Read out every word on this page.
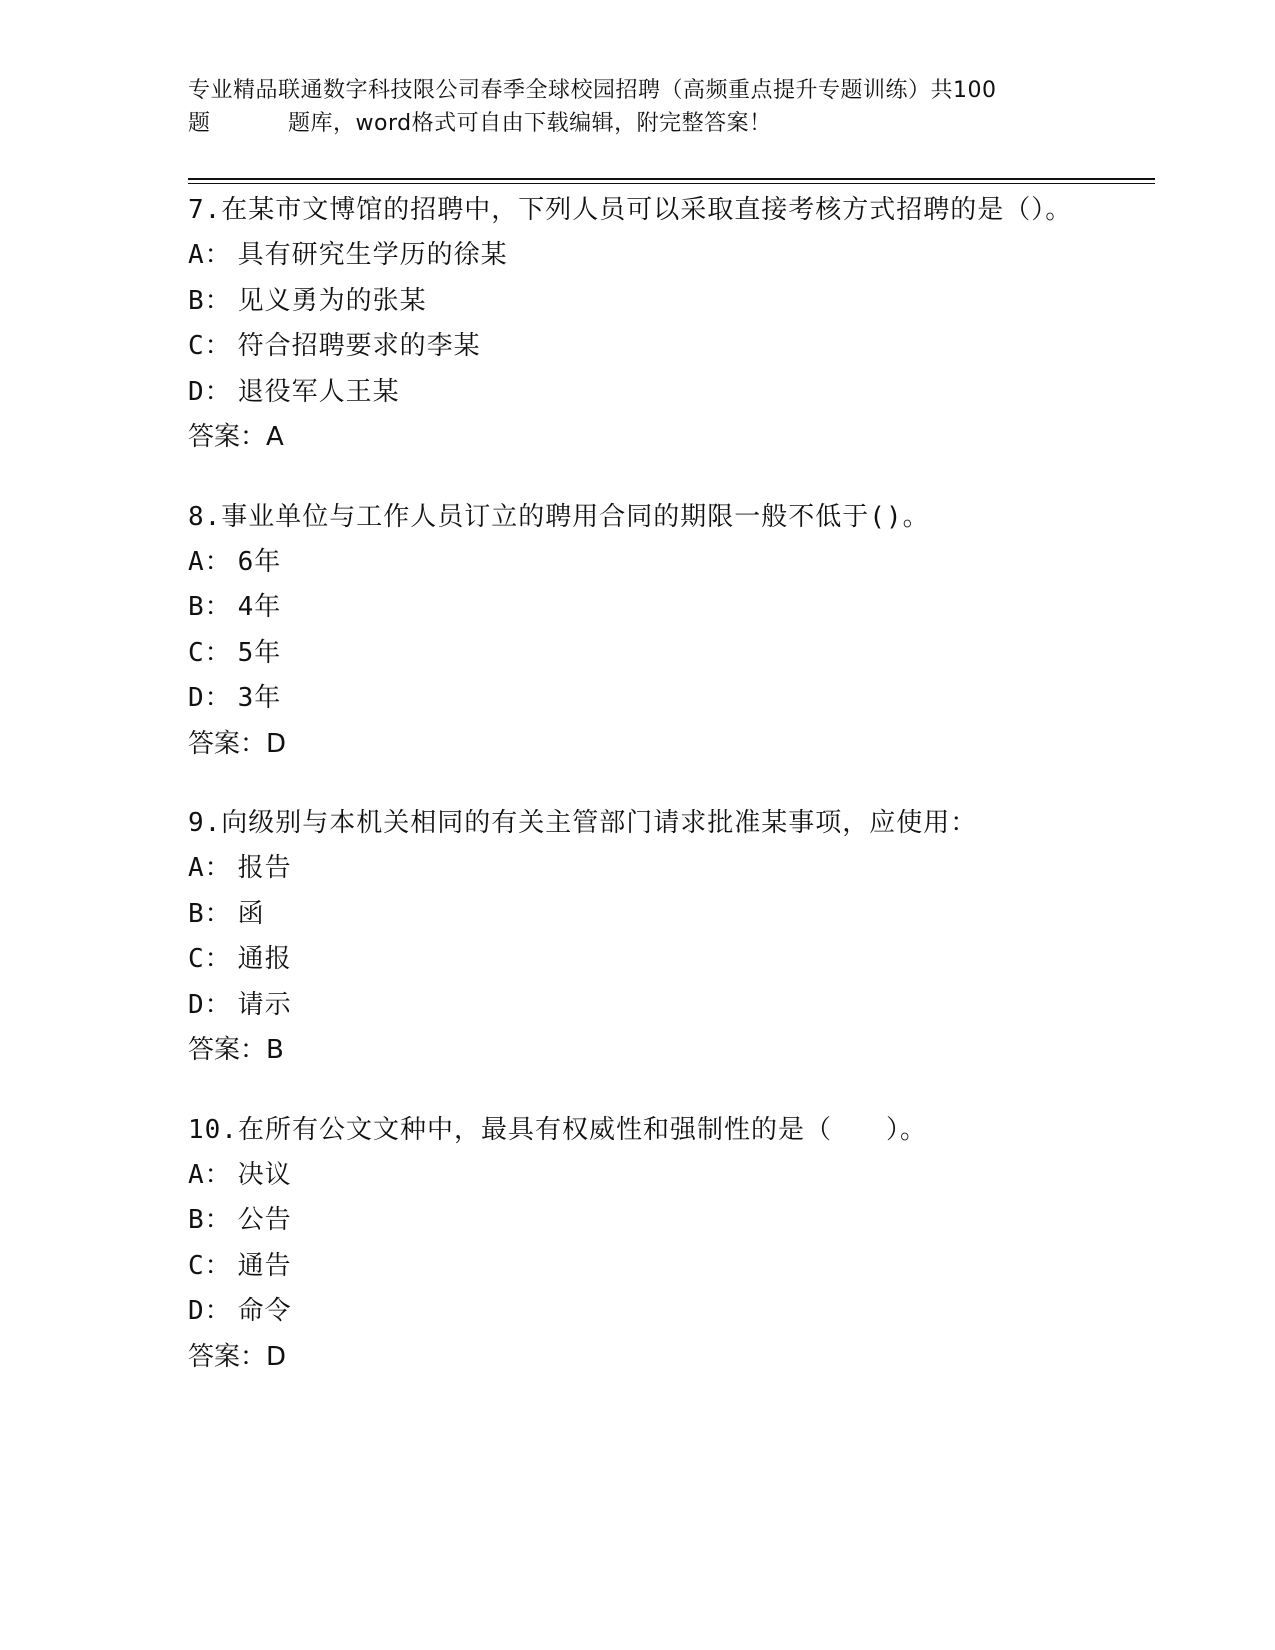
专业精品联通数字科技限公司春季全球校园招聘（高频重点提升专题训练）共100
题	题库，word格式可自由下载编辑，附完整答案！

7.在某市文博馆的招聘中，下列人员可以采取直接考核方式招聘的是（）。

A： 具有研究生学历的徐某
B： 见义勇为的张某
C： 符合招聘要求的李某
D： 退役军人王某
答案：A

8.事业单位与工作人员订立的聘用合同的期限一般不低于()。

A： 6年
B： 4年
C： 5年
D： 3年
答案：D

9.向级别与本机关相同的有关主管部门请求批准某事项，应使用：

A： 报告
B： 函
C： 通报
D： 请示
答案：B

10.在所有公文文种中，最具有权威性和强制性的是（　　）。

A： 决议
B： 公告
C： 通告
D： 命令
答案：D
